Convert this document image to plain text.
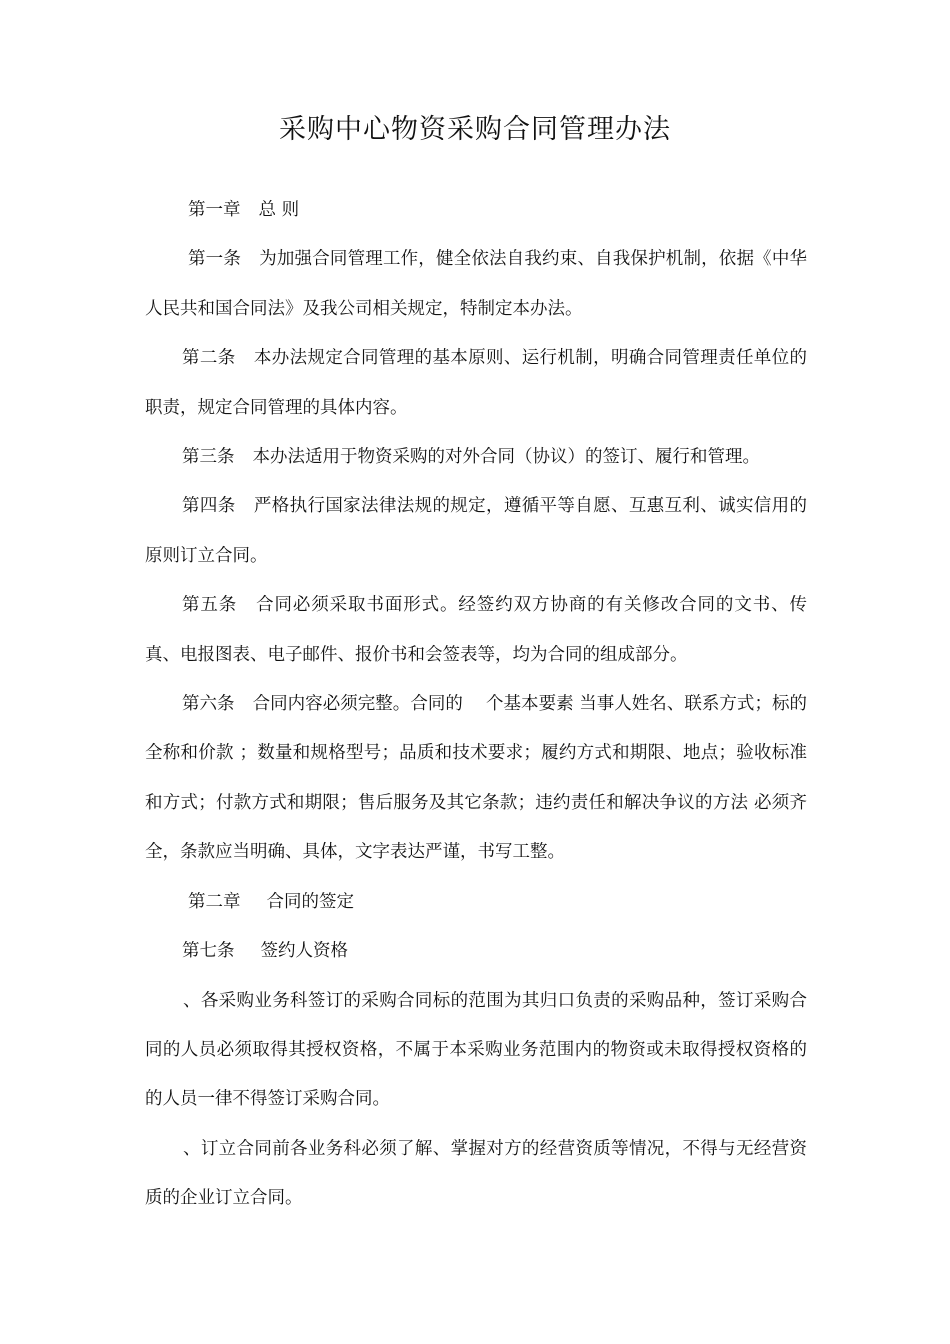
采购中心物资采购合同管理办法

第一章 总 则

第一条 为加强合同管理工作，健全依法自我约束、自我保护机制，依据《中华人民共和国合同法》及我公司相关规定，特制定本办法。

第二条 本办法规定合同管理的基本原则、运行机制，明确合同管理责任单位的职责，规定合同管理的具体内容。

第三条 本办法适用于物资采购的对外合同（协议）的签订、履行和管理。

第四条 严格执行国家法律法规的规定，遵循平等自愿、互惠互利、诚实信用的原则订立合同。

第五条 合同必须采取书面形式。经签约双方协商的有关修改合同的文书、传真、电报图表、电子邮件、报价书和会签表等，均为合同的组成部分。

第六条 合同内容必须完整。合同的　 个基本要素 当事人姓名、联系方式；标的全称和价款 ；数量和规格型号；品质和技术要求；履约方式和期限、地点；验收标准和方式；付款方式和期限；售后服务及其它条款；违约责任和解决争议的方法 必须齐全，条款应当明确、具体，文字表达严谨，书写工整。

第二章 合同的签定

第七条 签约人资格

、各采购业务科签订的采购合同标的范围为其归口负责的采购品种，签订采购合同的人员必须取得其授权资格，不属于本采购业务范围内的物资或未取得授权资格的的人员一律不得签订采购合同。

、订立合同前各业务科必须了解、掌握对方的经营资质等情况，不得与无经营资质的企业订立合同。
